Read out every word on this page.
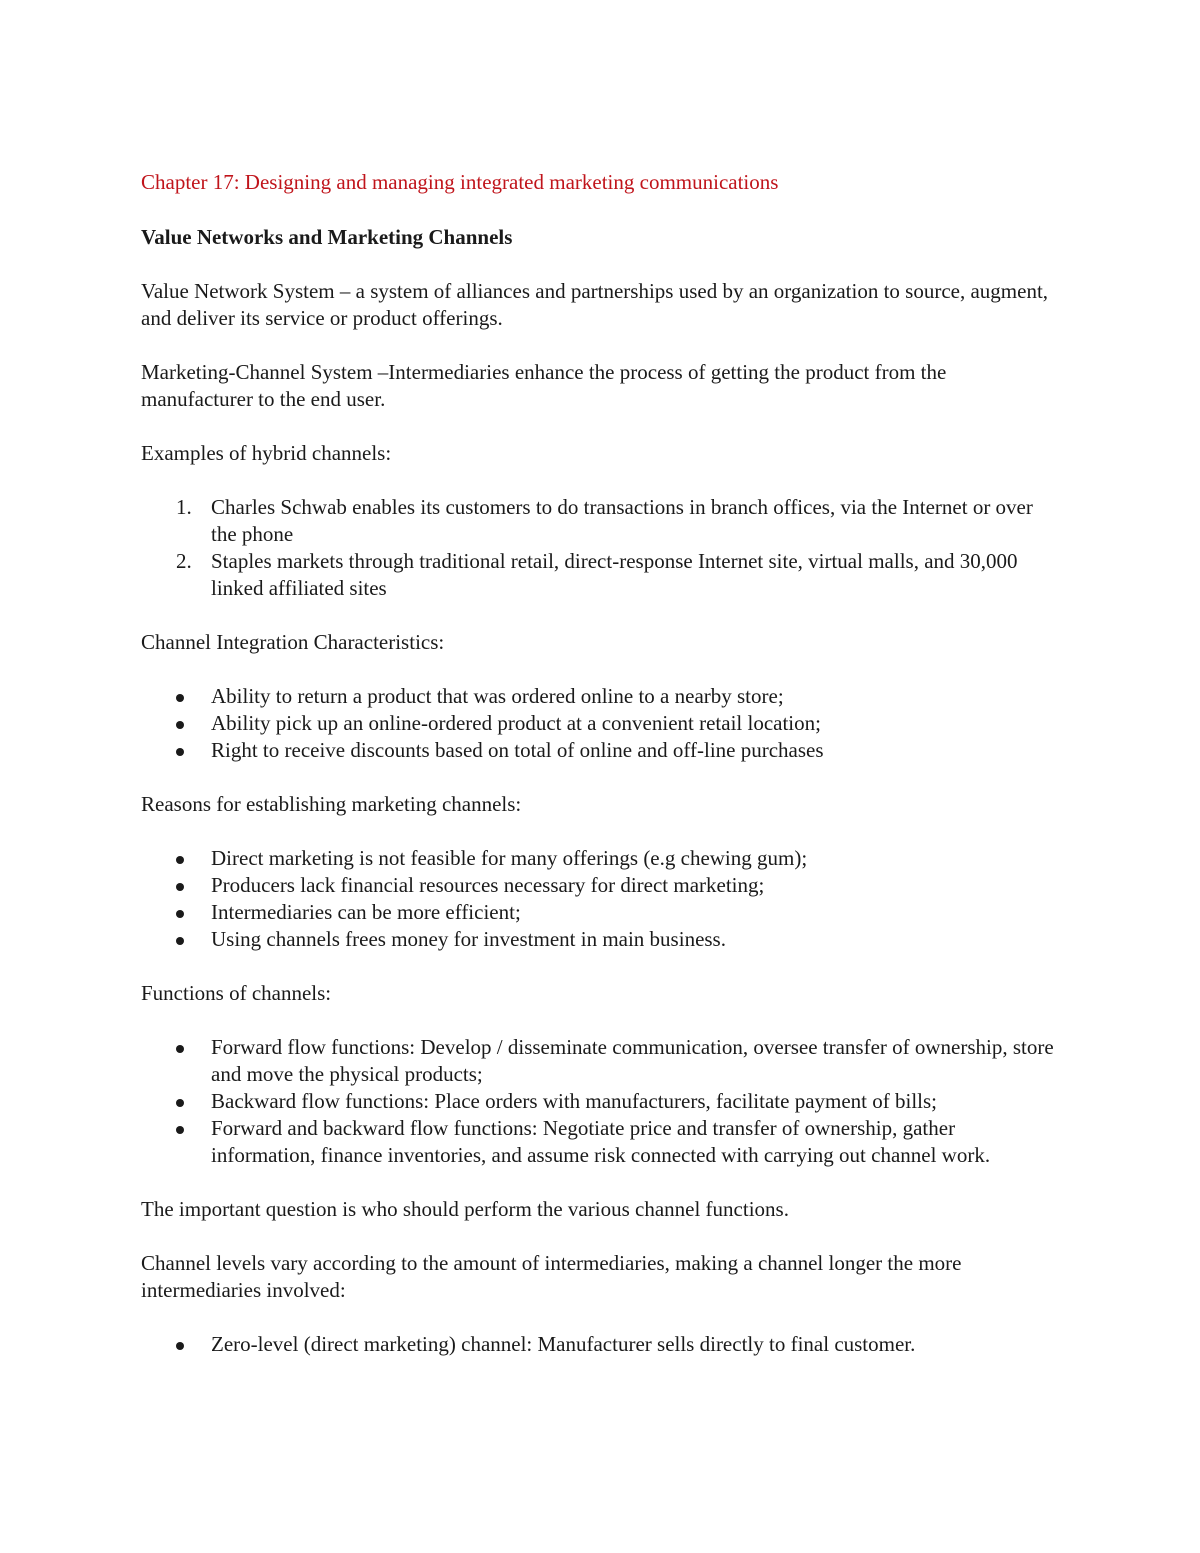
Chapter 17: Designing and managing integrated marketing communications
Value Networks and Marketing Channels

Value Network System – a system of alliances and partnerships used by an organization to source, augment, and deliver its service or product offerings.

Marketing-Channel System –Intermediaries enhance the process of getting the product from the manufacturer to the end user.

Examples of hybrid channels:

1. Charles Schwab enables its customers to do transactions in branch offices, via the Internet or over the phone
2. Staples markets through traditional retail, direct-response Internet site, virtual malls, and 30,000 linked affiliated sites

Channel Integration Characteristics:

Ability to return a product that was ordered online to a nearby store;
Ability pick up an online-ordered product at a convenient retail location;
Right to receive discounts based on total of online and off-line purchases

Reasons for establishing marketing channels:

Direct marketing is not feasible for many offerings (e.g chewing gum);
Producers lack financial resources necessary for direct marketing;
Intermediaries can be more efficient;
Using channels frees money for investment in main business.

Functions of channels:

Forward flow functions: Develop / disseminate communication, oversee transfer of ownership, store and move the physical products;
Backward flow functions: Place orders with manufacturers, facilitate payment of bills;
Forward and backward flow functions: Negotiate price and transfer of ownership, gather information, finance inventories, and assume risk connected with carrying out channel work.

The important question is who should perform the various channel functions.

Channel levels vary according to the amount of intermediaries, making a channel longer the more intermediaries involved:

Zero-level (direct marketing) channel: Manufacturer sells directly to final customer.
